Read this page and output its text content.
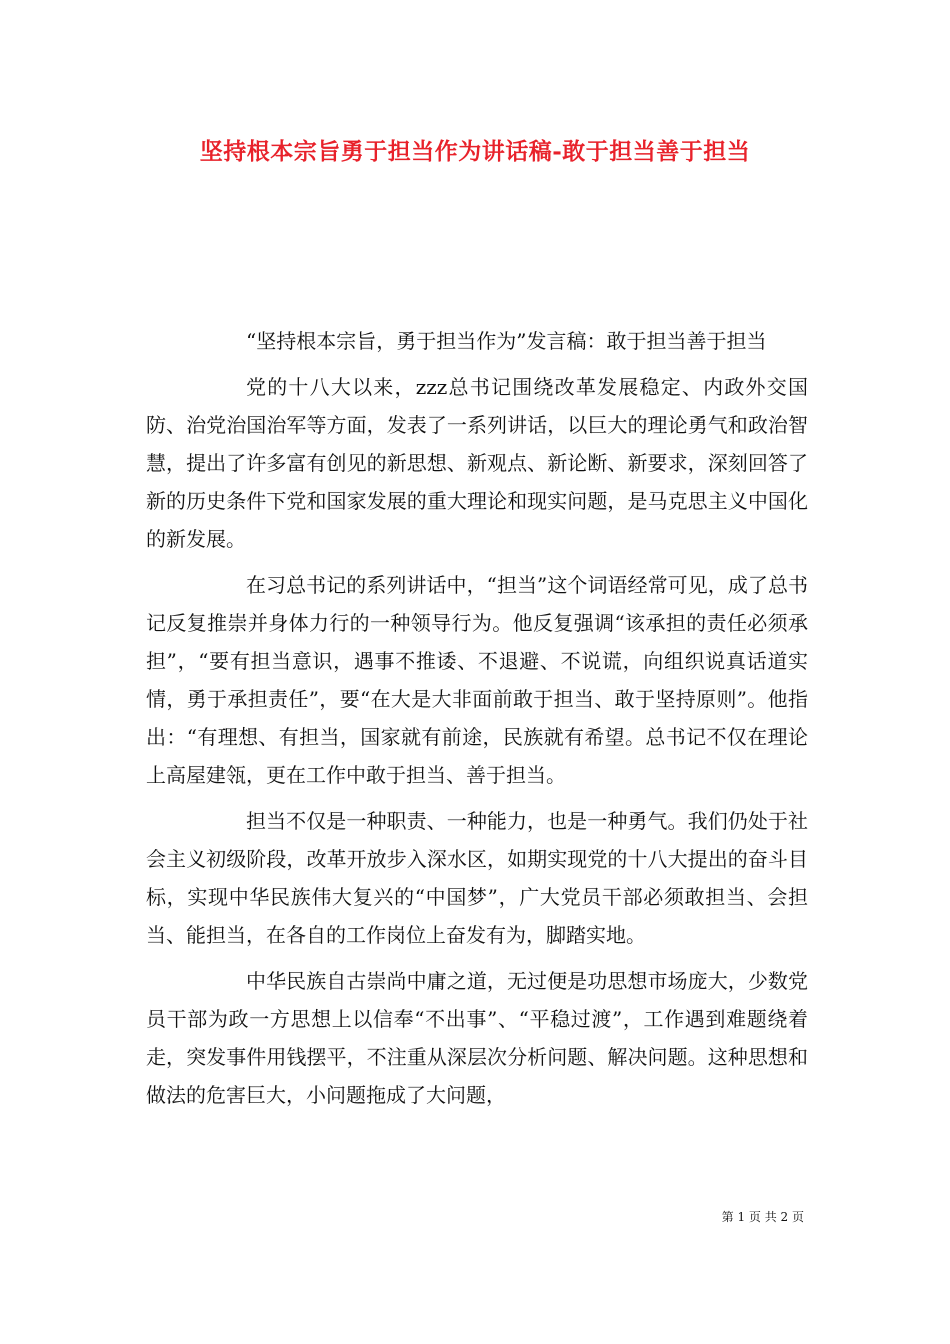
坚持根本宗旨勇于担当作为讲话稿-敢于担当善于担当

“坚持根本宗旨，勇于担当作为”发言稿：敢于担当善于担当

党的十八大以来，zzz总书记围绕改革发展稳定、内政外交国防、治党治国治军等方面，发表了一系列讲话，以巨大的理论勇气和政治智慧，提出了许多富有创见的新思想、新观点、新论断、新要求，深刻回答了新的历史条件下党和国家发展的重大理论和现实问题，是马克思主义中国化的新发展。

在习总书记的系列讲话中，“担当”这个词语经常可见，成了总书记反复推崇并身体力行的一种领导行为。他反复强调“该承担的责任必须承担”，“要有担当意识，遇事不推诿、不退避、不说谎，向组织说真话道实情，勇于承担责任”，要“在大是大非面前敢于担当、敢于坚持原则”。他指出：“有理想、有担当，国家就有前途，民族就有希望。总书记不仅在理论上高屋建瓴，更在工作中敢于担当、善于担当。

担当不仅是一种职责、一种能力，也是一种勇气。我们仍处于社会主义初级阶段，改革开放步入深水区，如期实现党的十八大提出的奋斗目标，实现中华民族伟大复兴的“中国梦”，广大党员干部必须敢担当、会担当、能担当，在各自的工作岗位上奋发有为，脚踏实地。

中华民族自古崇尚中庸之道，无过便是功思想市场庞大，少数党员干部为政一方思想上以信奉“不出事”、“平稳过渡”，工作遇到难题绕着走，突发事件用钱摆平，不注重从深层次分析问题、解决问题。这种思想和做法的危害巨大，小问题拖成了大问题，

第 1 页 共 2 页
